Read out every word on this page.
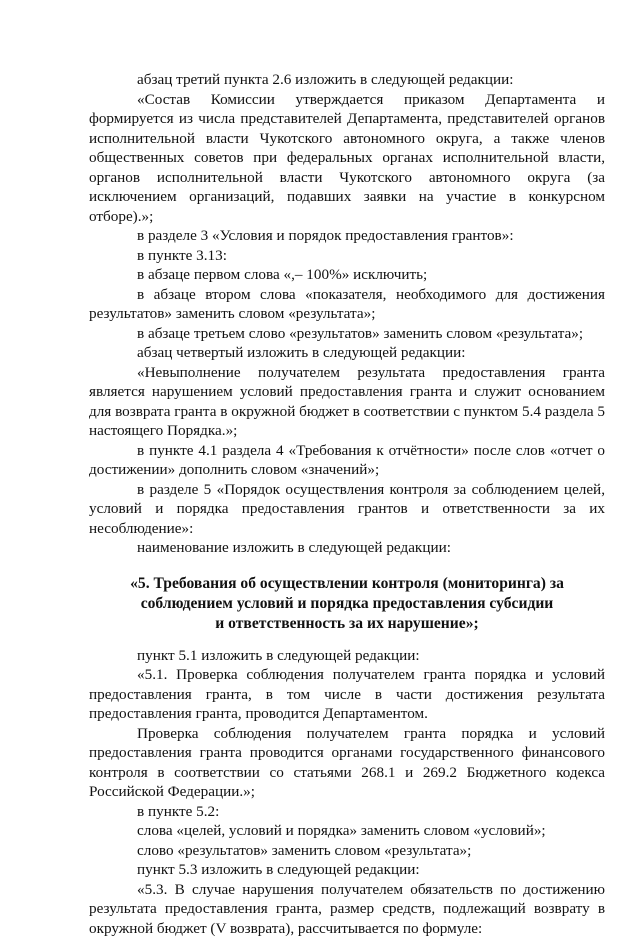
абзац третий пункта 2.6 изложить в следующей редакции:

«Состав Комиссии утверждается приказом Департамента и формируется из числа представителей Департамента, представителей органов исполнительной власти Чукотского автономного округа, а также членов общественных советов при федеральных органах исполнительной власти, органов исполнительной власти Чукотского автономного округа (за исключением организаций, подавших заявки на участие в конкурсном отборе).»;

в разделе 3 «Условия и порядок предоставления грантов»:

в пункте 3.13:

в абзаце первом слова «,– 100%» исключить;

в абзаце втором слова «показателя, необходимого для достижения результатов» заменить словом «результата»;

в абзаце третьем слово «результатов» заменить словом «результата»;

абзац четвертый изложить в следующей редакции:

«Невыполнение получателем результата предоставления гранта является нарушением условий предоставления гранта и служит основанием для возврата гранта в окружной бюджет в соответствии с пунктом 5.4 раздела 5 настоящего Порядка.»;

в пункте 4.1 раздела 4 «Требования к отчётности» после слов «отчет о достижении» дополнить словом «значений»;

в разделе 5 «Порядок осуществления контроля за соблюдением целей, условий и порядка предоставления грантов и ответственности за их несоблюдение»:

наименование изложить в следующей редакции:

«5. Требования об осуществлении контроля (мониторинга) за
соблюдением условий и порядка предоставления субсидии
и ответственность за их нарушение»;

пункт 5.1 изложить в следующей редакции:

«5.1. Проверка соблюдения получателем гранта порядка и условий предоставления гранта, в том числе в части достижения результата предоставления гранта, проводится Департаментом.

Проверка соблюдения получателем гранта порядка и условий предоставления гранта проводится органами государственного финансового контроля в соответствии со статьями 268.1 и 269.2 Бюджетного кодекса Российской Федерации.»;

в пункте 5.2:

слова «целей, условий и порядка» заменить словом «условий»;

слово «результатов» заменить словом «результата»;

пункт 5.3 изложить в следующей редакции:

«5.3. В случае нарушения получателем обязательств по достижению результата предоставления гранта, размер средств, подлежащий возврату в окружной бюджет (V возврата), рассчитывается по формуле:
